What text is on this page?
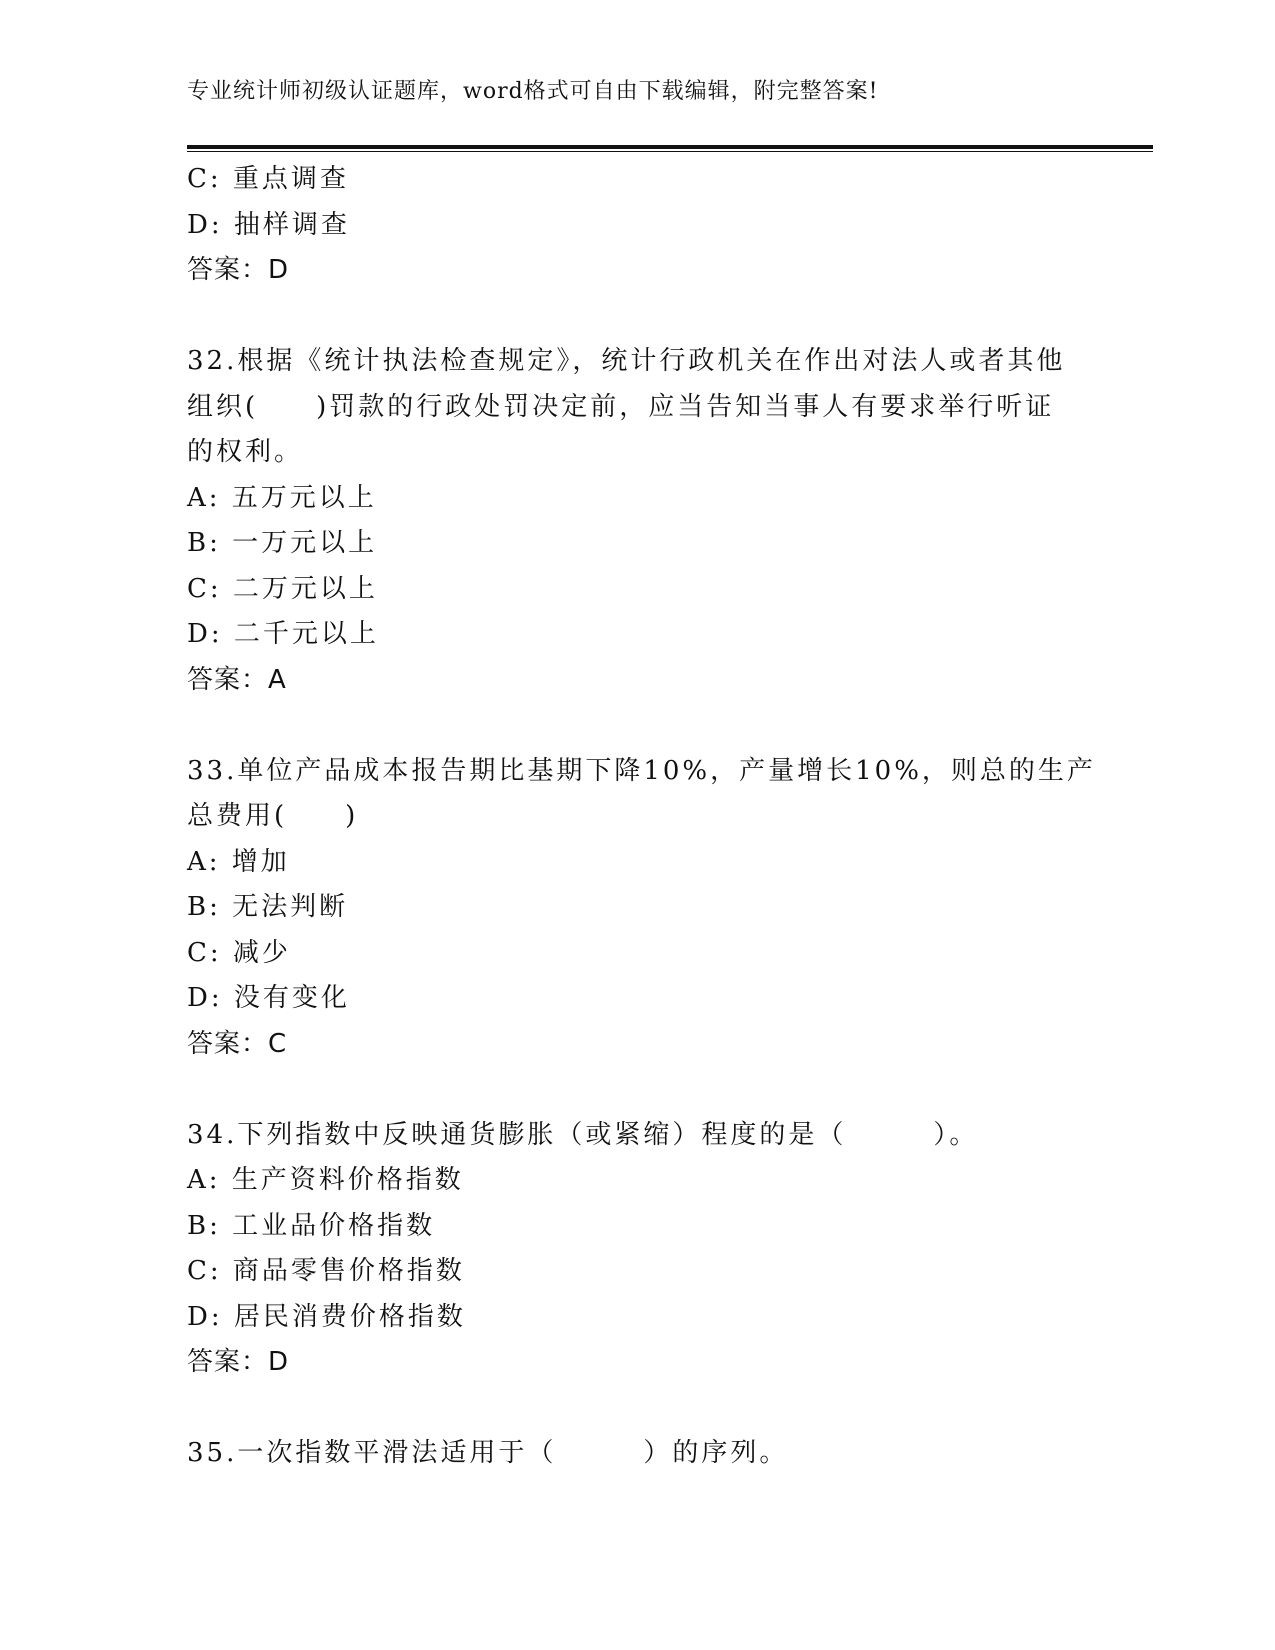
专业统计师初级认证题库，word格式可自由下载编辑，附完整答案!
C: 重点调查
D: 抽样调查
答案：D
32.根据《统计执法检查规定》，统计行政机关在作出对法人或者其他
组织(　　)罚款的行政处罚决定前，应当告知当事人有要求举行听证
的权利。
A: 五万元以上
B: 一万元以上
C: 二万元以上
D: 二千元以上
答案：A
33.单位产品成本报告期比基期下降10%，产量增长10%，则总的生产
总费用(　　)
A: 增加
B: 无法判断
C: 减少
D: 没有变化
答案：C
34.下列指数中反映通货膨胀（或紧缩）程度的是（　　　）。
A: 生产资料价格指数
B: 工业品价格指数
C: 商品零售价格指数
D: 居民消费价格指数
答案：D
35.一次指数平滑法适用于（　　　）的序列。
